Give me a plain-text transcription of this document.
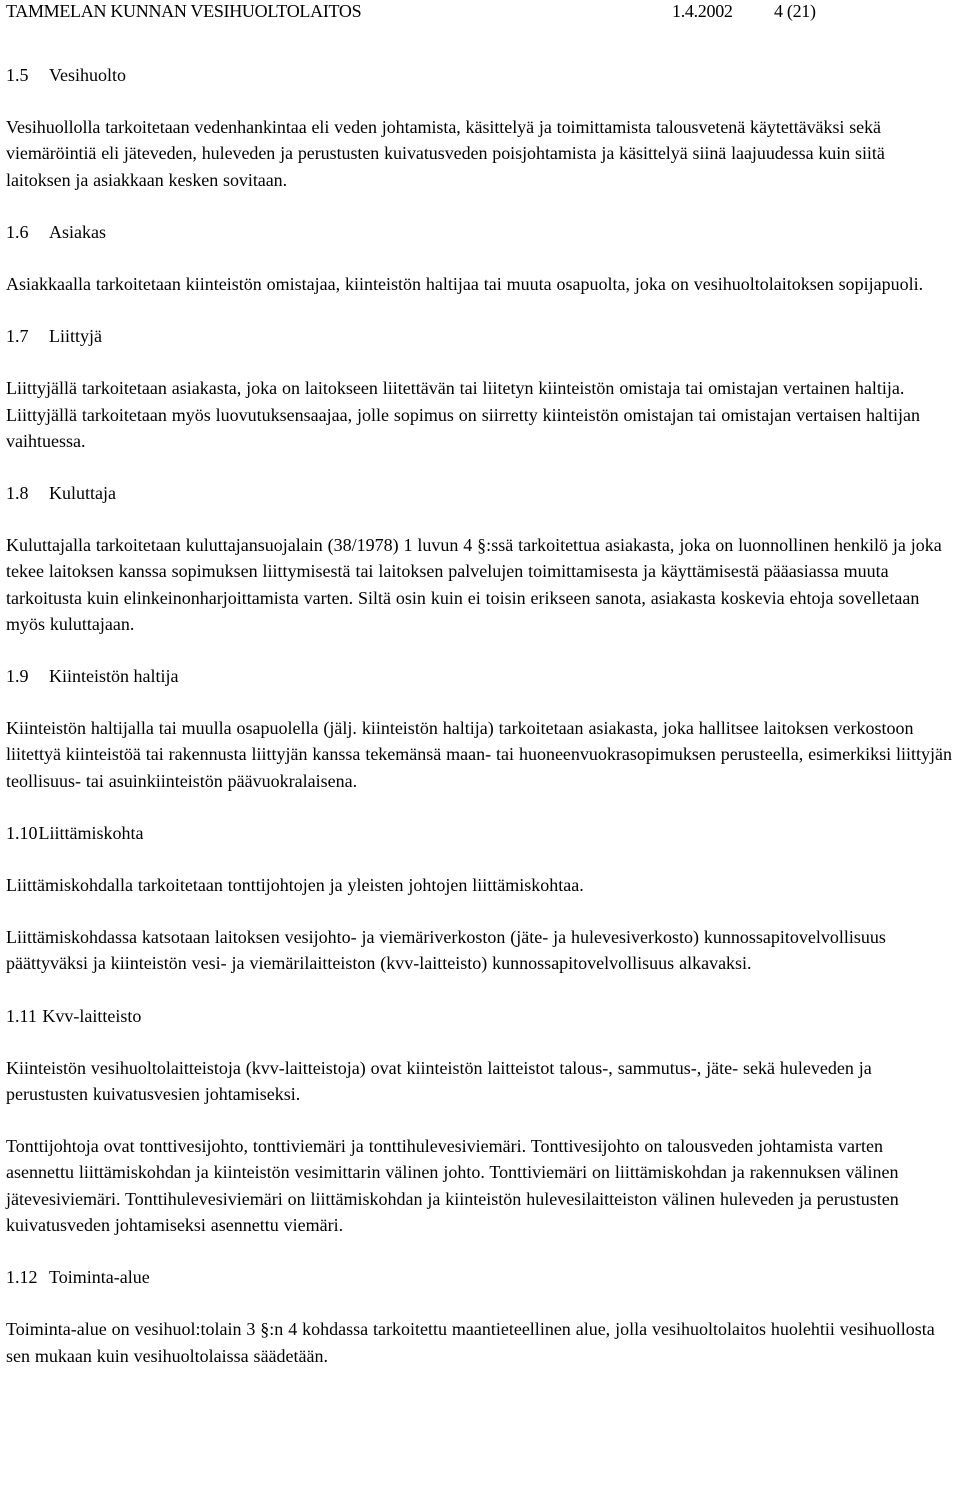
TAMMELAN KUNNAN VESIHUOLTOLAITOS	1.4.2002 4 (21)
1.5 Vesihuolto

Vesihuollolla tarkoitetaan vedenhankintaa eli veden johtamista, käsittelyä ja toimittamista talousvetenä käytettäväksi sekä viemäröintiä eli jäteveden, huleveden ja perustusten kuivatusveden poisjohtamista ja käsittelyä siinä laajuudessa kuin siitä laitoksen ja asiakkaan kesken sovitaan.

1.6 Asiakas

Asiakkaalla tarkoitetaan kiinteistön omistajaa, kiinteistön haltijaa tai muuta osapuolta, joka on vesihuoltolaitoksen sopijapuoli.

1.7 Liittyjä

Liittyjällä tarkoitetaan asiakasta, joka on laitokseen liitettävän tai liitetyn kiinteistön omistaja tai omistajan vertainen haltija. Liittyjällä tarkoitetaan myös luovutuksensaajaa, jolle sopimus on siirretty kiinteistön omistajan tai omistajan vertaisen haltijan vaihtuessa.

1.8 Kuluttaja

Kuluttajalla tarkoitetaan kuluttajansuojalain (38/1978) 1 luvun 4 §:ssä tarkoitettua asiakasta, joka on luonnollinen henkilö ja joka tekee laitoksen kanssa sopimuksen liittymisestä tai laitoksen palvelujen toimittamisesta ja käyttämisestä pääasiassa muuta tarkoitusta kuin elinkeinonharjoittamista varten. Siltä osin kuin ei toisin erikseen sanota, asiakasta koskevia ehtoja sovelletaan myös kuluttajaan.

1.9 Kiinteistön haltija

Kiinteistön haltijalla tai muulla osapuolella (jälj. kiinteistön haltija) tarkoitetaan asiakasta, joka hallitsee laitoksen verkostoon liitettyä kiinteistöä tai rakennusta liittyjän kanssa tekemänsä maan- tai huoneenvuokrasopimuksen perusteella, esimerkiksi liittyjän teollisuus- tai asuinkiinteistön päävuokralaisena.

1.10Liittämiskohta

Liittämiskohdalla tarkoitetaan tonttijohtojen ja yleisten johtojen liittämiskohtaa.

Liittämiskohdassa katsotaan laitoksen vesijohto- ja viemäriverkoston (jäte- ja hulevesiverkosto) kunnossapitovelvollisuus päättyväksi ja kiinteistön vesi- ja viemärilaitteiston (kvv-laitteisto) kunnossapitovelvollisuus alkavaksi.

1.11 Kvv-laitteisto

Kiinteistön vesihuoltolaitteistoja (kvv-laitteistoja) ovat kiinteistön laitteistot talous-, sammutus-, jäte- sekä huleveden ja perustusten kuivatusvesien johtamiseksi.

Tonttijohtoja ovat tonttivesijohto, tonttiviemäri ja tonttihulevesiviemäri. Tonttivesijohto on talousveden johtamista varten asennettu liittämiskohdan ja kiinteistön vesimittarin välinen johto. Tonttiviemäri on liittämiskohdan ja rakennuksen välinen jätevesiviemäri. Tonttihulevesiviemäri on liittämiskohdan ja kiinteistön hulevesilaitteiston välinen huleveden ja perustusten kuivatusveden johtamiseksi asennettu viemäri.

1.12 Toiminta-alue

Toiminta-alue on vesihuol:tolain 3 §:n 4 kohdassa tarkoitettu maantieteellinen alue, jolla vesihuoltolaitos huolehtii vesihuollosta sen mukaan kuin vesihuoltolaissa säädetään.
